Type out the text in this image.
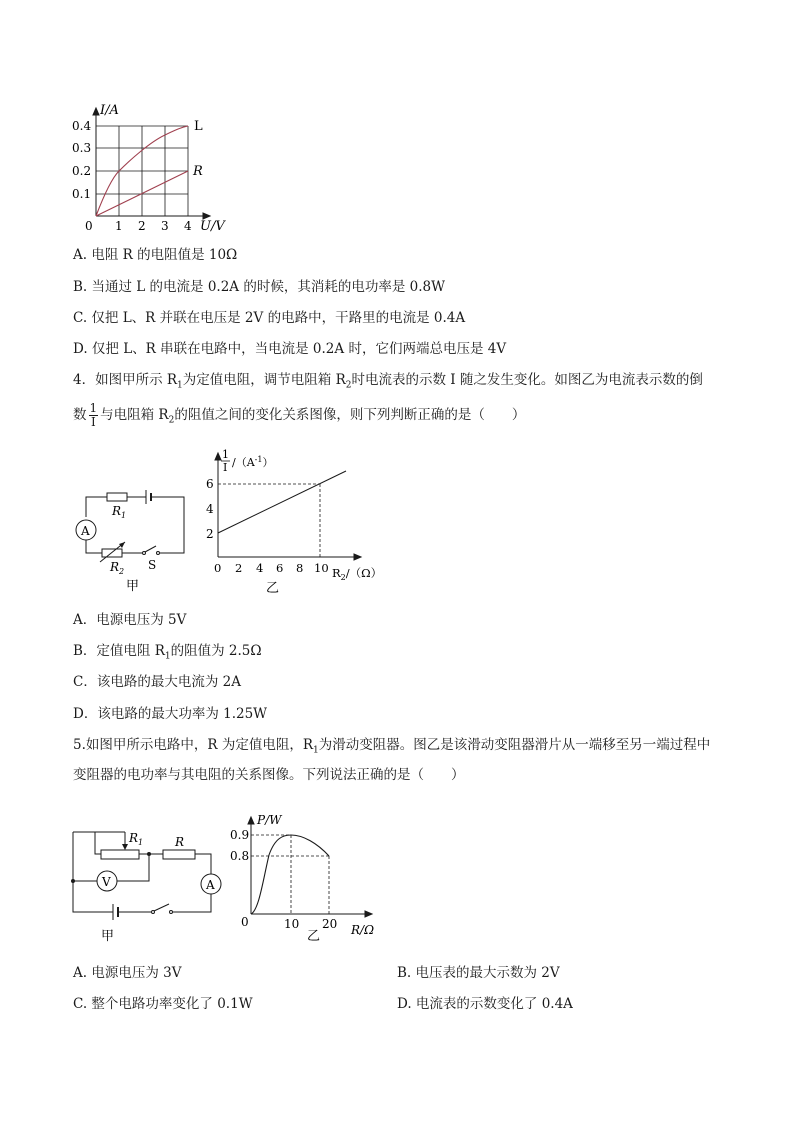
I/A
U/V
0
0.4
0.3
0.2
0.1
1 2 3 4
L
R
A. 电阻 R 的电阻值是 10Ω
B. 当通过 L 的电流是 0.2A 的时候，其消耗的电功率是 0.8W
C. 仅把 L、R 并联在电压是 2V 的电路中，干路里的电流是 0.4A
D. 仅把 L、R 串联在电路中，当电流是 0.2A 时，它们两端总电压是 4V
4．如图甲所示 $R_1$为定值电阻，调节电阻箱 $R_2$时电流表的示数 I 随之发生变化。如图乙为电流表示数的倒
数 $\frac{1}{I}$ 与电阻箱 $R_2$的阻值之间的变化关系图像，则下列判断正确的是（　　）
A
$R_1$
$R_2$ S
甲
1
I $/(A^{-1})$
6
4
2
0 2 4 6 8 10 $R_2/(\Omega)$
乙
A．电源电压为 5V
B．定值电阻 $R_1$的阻值为 2.5Ω
C．该电路的最大电流为 2A
D．该电路的最大功率为 1.25W
5.如图甲所示电路中，R 为定值电阻，$R_1$为滑动变阻器。图乙是该滑动变阻器滑片从一端移至另一端过程中
变阻器的电功率与其电阻的关系图像。下列说法正确的是（　　）
V	A
$R_1$	R
甲
P/W
0.9
0.8
0	10 20 R/Ω
乙
A. 电源电压为 3V	B. 电压表的最大示数为 2V
C. 整个电路功率变化了 0.1W	D. 电流表的示数变化了 0.4A
